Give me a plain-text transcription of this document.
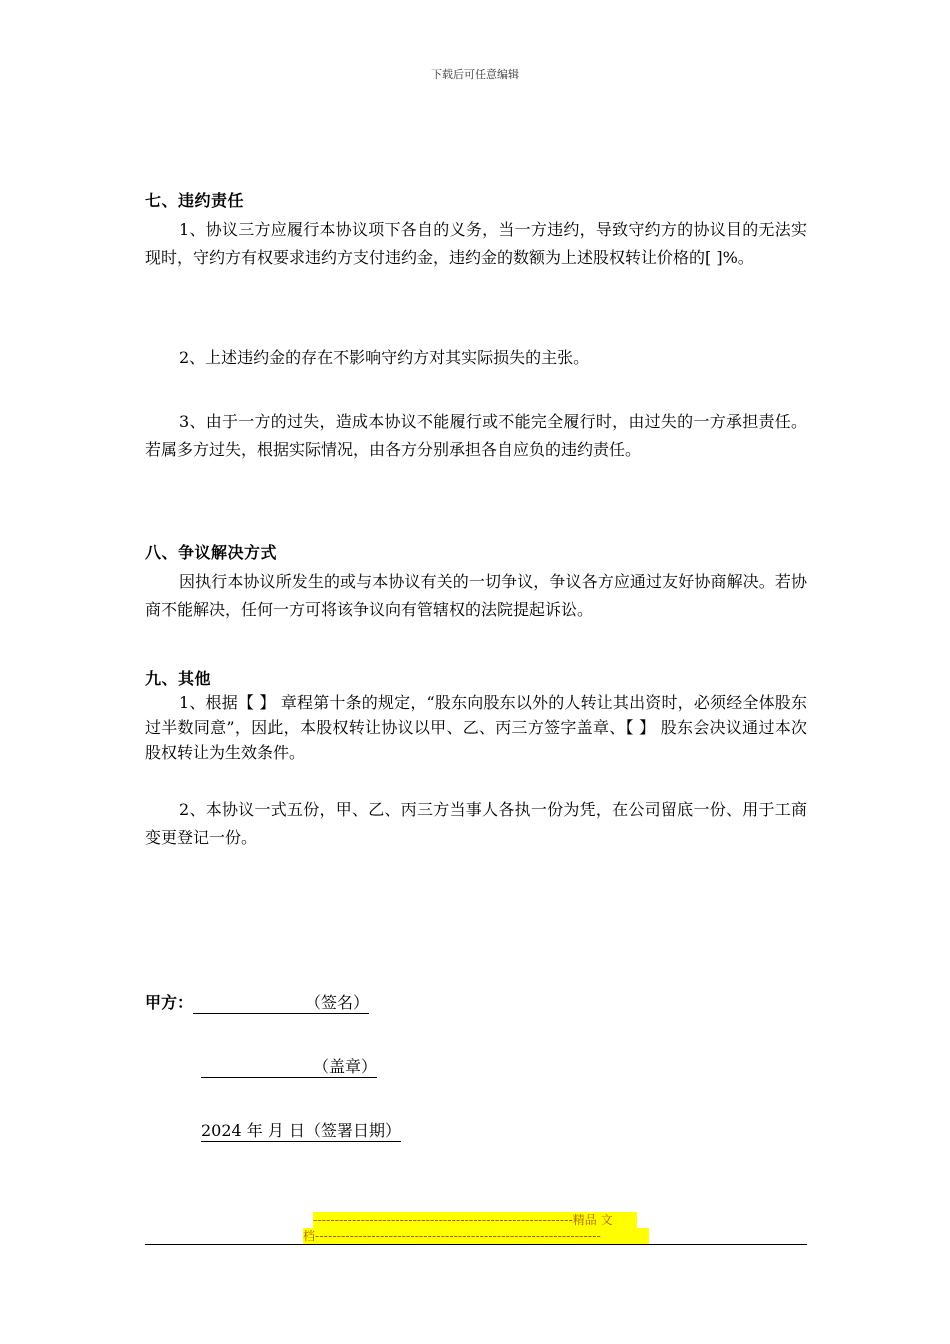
下载后可任意编辑
七、违约责任
1、协议三方应履行本协议项下各自的义务，当一方违约，导致守约方的协议目的无法实现时，守约方有权要求违约方支付违约金，违约金的数额为上述股权转让价格的[ ]%。
2、上述违约金的存在不影响守约方对其实际损失的主张。
3、由于一方的过失，造成本协议不能履行或不能完全履行时，由过失的一方承担责任。若属多方过失，根据实际情况，由各方分别承担各自应负的违约责任。
八、争议解决方式
因执行本协议所发生的或与本协议有关的一切争议，争议各方应通过友好协商解决。若协商不能解决，任何一方可将该争议向有管辖权的法院提起诉讼。
九、其他
1、根据【 】 章程第十条的规定，“股东向股东以外的人转让其出资时，必须经全体股东过半数同意”，因此，本股权转让协议以甲、乙、丙三方签字盖章、【 】 股东会决议通过本次股权转让为生效条件。
2、本协议一式五份，甲、乙、丙三方当事人各执一份为凭，在公司留底一份、用于工商变更登记一份。
甲方：	（签名）
（盖章）
2024 年 月 日（签署日期）
------------------------------------------------------------精品 文
档------------------------------------------------------------------
